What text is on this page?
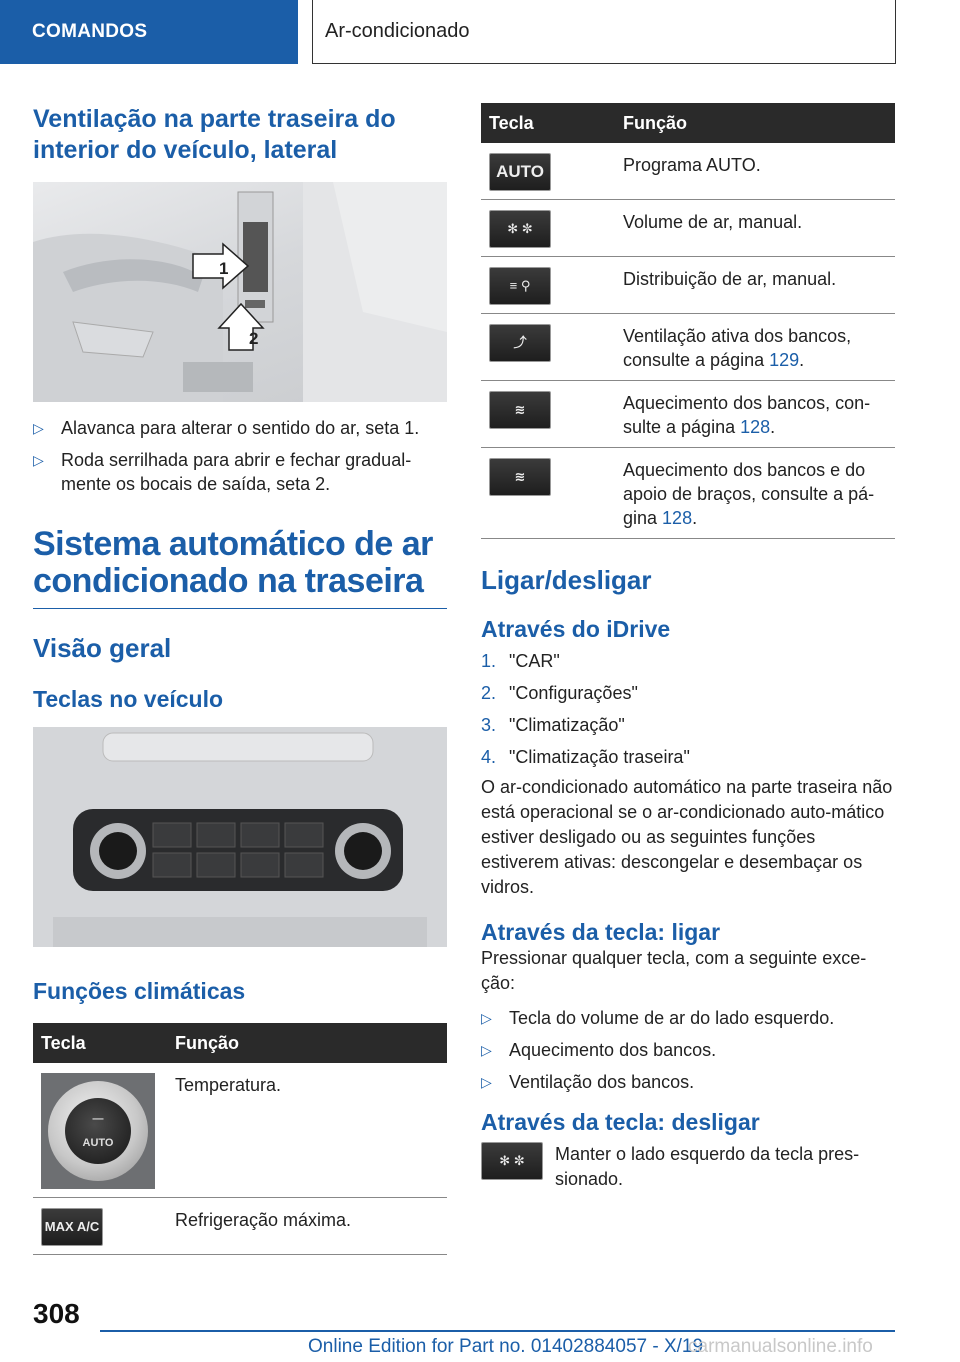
COMANDOS	Ar-condicionado
Ventilação na parte traseira do interior do veículo, lateral
1
2
▷ Alavanca para alterar o sentido do ar, seta 1.
▷ Roda serrilhada para abrir e fechar gradual-mente os bocais de saída, seta 2.
Sistema automático de ar condicionado na traseira
Visão geral
Teclas no veículo
Funções climáticas
Tecla	Função

—
AUTO	Temperatura.

MAX A/C	Refrigeração máxima.
Tecla	Função

AUTO	Programa AUTO.

✻ ✼	Volume de ar, manual.

≡ ⚲	Distribuição de ar, manual.

⤴	Ventilação ativa dos bancos, consulte a página 129.

≋	Aquecimento dos bancos, con-sulte a página 128.

≋	Aquecimento dos bancos e do apoio de braços, consulte a pá-gina 128.
Ligar/desligar
Através do iDrive
1. "CAR"
2. "Configurações"
3. "Climatização"
4. "Climatização traseira"

O ar-condicionado automático na parte traseira não está operacional se o ar-condicionado auto-mático estiver desligado ou as seguintes funções estiverem ativas: descongelar e desembaçar os vidros.

Através da tecla: ligar

Pressionar qualquer tecla, com a seguinte exce-ção:

▷ Tecla do volume de ar do lado esquerdo.
▷ Aquecimento dos bancos.
▷ Ventilação dos bancos.
Através da tecla: desligar
✻ ✼	Manter o lado esquerdo da tecla pres-sionado.

308
Online Edition for Part no. 01402884057 - X/19
carmanualsonline.info
